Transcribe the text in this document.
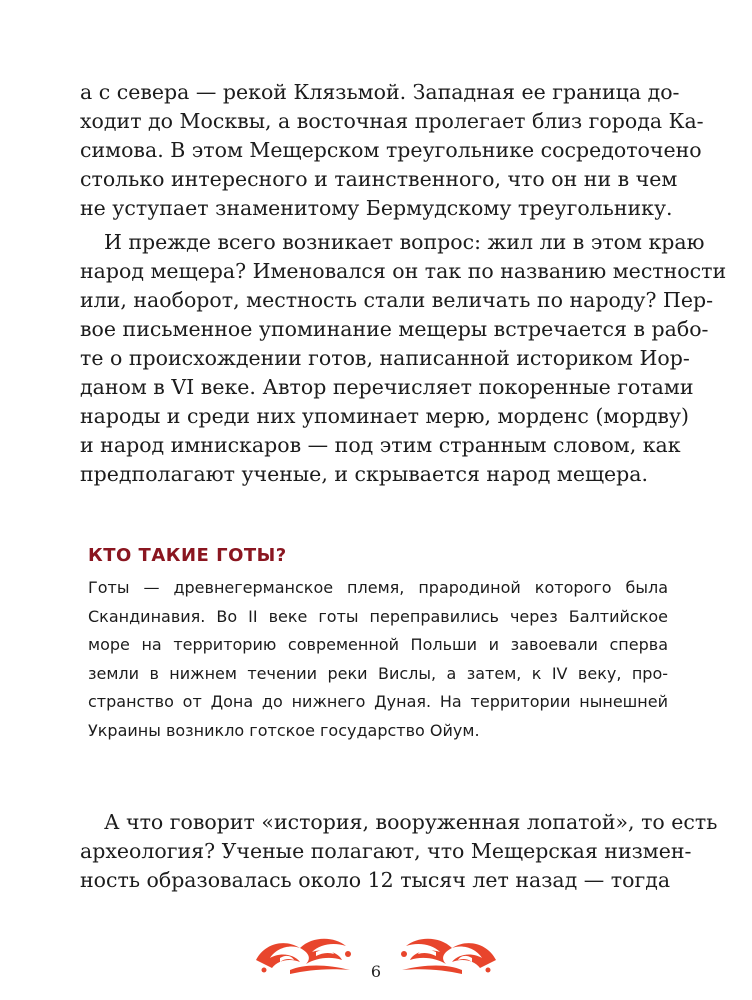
а с севера — рекой Клязьмой. Западная ее граница до-
ходит до Москвы, а восточная пролегает близ города Ка-
симова. В этом Мещерском треугольнике сосредоточено
столько интересного и таинственного, что он ни в чем
не уступает знаменитому Бермудскому треугольнику.
И прежде всего возникает вопрос: жил ли в этом краю
народ мещера? Именовался он так по названию местности
или, наоборот, местность стали величать по народу? Пер-
вое письменное упоминание мещеры встречается в рабо-
те о происхождении готов, написанной историком Иор-
даном в VI веке. Автор перечисляет покоренные готами
народы и среди них упоминает мерю, морденс (мордву)
и народ имнискаров — под этим странным словом, как
предполагают ученые, и скрывается народ мещера.
КТО ТАКИЕ ГОТЫ?
Готы — древнегерманское племя, прародиной которого была
Скандинавия. Во II веке готы переправились через Балтийское
море на территорию современной Польши и завоевали сперва
земли в нижнем течении реки Вислы, а затем, к IV веку, про-
странство от Дона до нижнего Дуная. На территории нынешней
Украины возникло готское государство Ойум.
А что говорит «история, вооруженная лопатой», то есть
археология? Ученые полагают, что Мещерская низмен-
ность образовалась около 12 тысяч лет назад — тогда
6
